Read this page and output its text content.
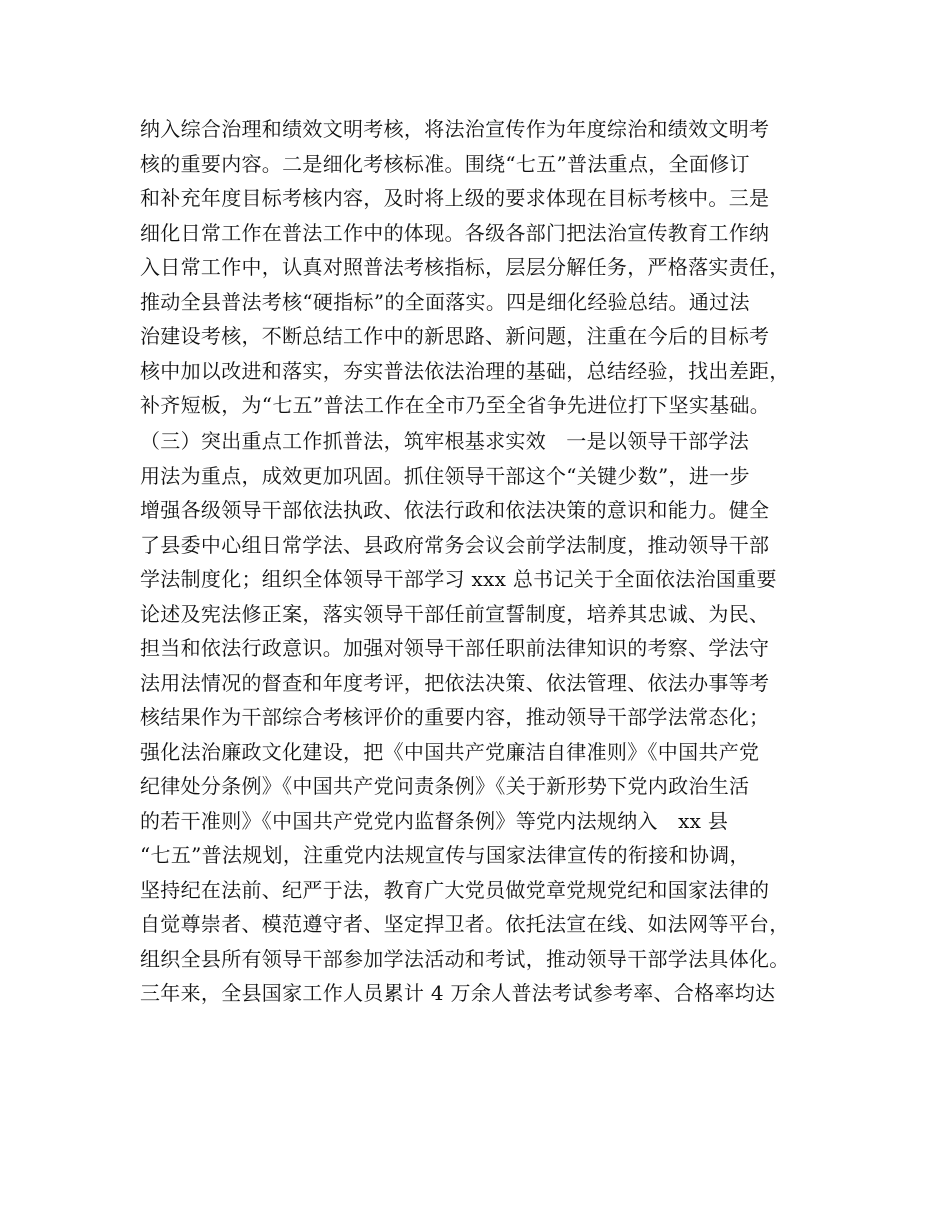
纳入综合治理和绩效文明考核，将法治宣传作为年度综治和绩效文明考
核的重要内容。二是细化考核标准。围绕“七五”普法重点，全面修订
和补充年度目标考核内容，及时将上级的要求体现在目标考核中。三是
细化日常工作在普法工作中的体现。各级各部门把法治宣传教育工作纳
入日常工作中，认真对照普法考核指标，层层分解任务，严格落实责任，
推动全县普法考核“硬指标”的全面落实。四是细化经验总结。通过法
治建设考核，不断总结工作中的新思路、新问题，注重在今后的目标考
核中加以改进和落实，夯实普法依法治理的基础，总结经验，找出差距，
补齐短板，为“七五”普法工作在全市乃至全省争先进位打下坚实基础。
（三）突出重点工作抓普法，筑牢根基求实效　一是以领导干部学法
用法为重点，成效更加巩固。抓住领导干部这个“关键少数”，进一步
增强各级领导干部依法执政、依法行政和依法决策的意识和能力。健全
了县委中心组日常学法、县政府常务会议会前学法制度，推动领导干部
学法制度化；组织全体领导干部学习 xxx 总书记关于全面依法治国重要
论述及宪法修正案，落实领导干部任前宣誓制度，培养其忠诚、为民、
担当和依法行政意识。加强对领导干部任职前法律知识的考察、学法守
法用法情况的督查和年度考评，把依法决策、依法管理、依法办事等考
核结果作为干部综合考核评价的重要内容，推动领导干部学法常态化；
强化法治廉政文化建设，把《中国共产党廉洁自律准则》《中国共产党
纪律处分条例》《中国共产党问责条例》《关于新形势下党内政治生活
的若干准则》《中国共产党党内监督条例》等党内法规纳入　xx 县
“七五”普法规划，注重党内法规宣传与国家法律宣传的衔接和协调，
坚持纪在法前、纪严于法，教育广大党员做党章党规党纪和国家法律的
自觉尊崇者、模范遵守者、坚定捍卫者。依托法宣在线、如法网等平台，
组织全县所有领导干部参加学法活动和考试，推动领导干部学法具体化。
三年来，全县国家工作人员累计 4 万余人普法考试参考率、合格率均达
